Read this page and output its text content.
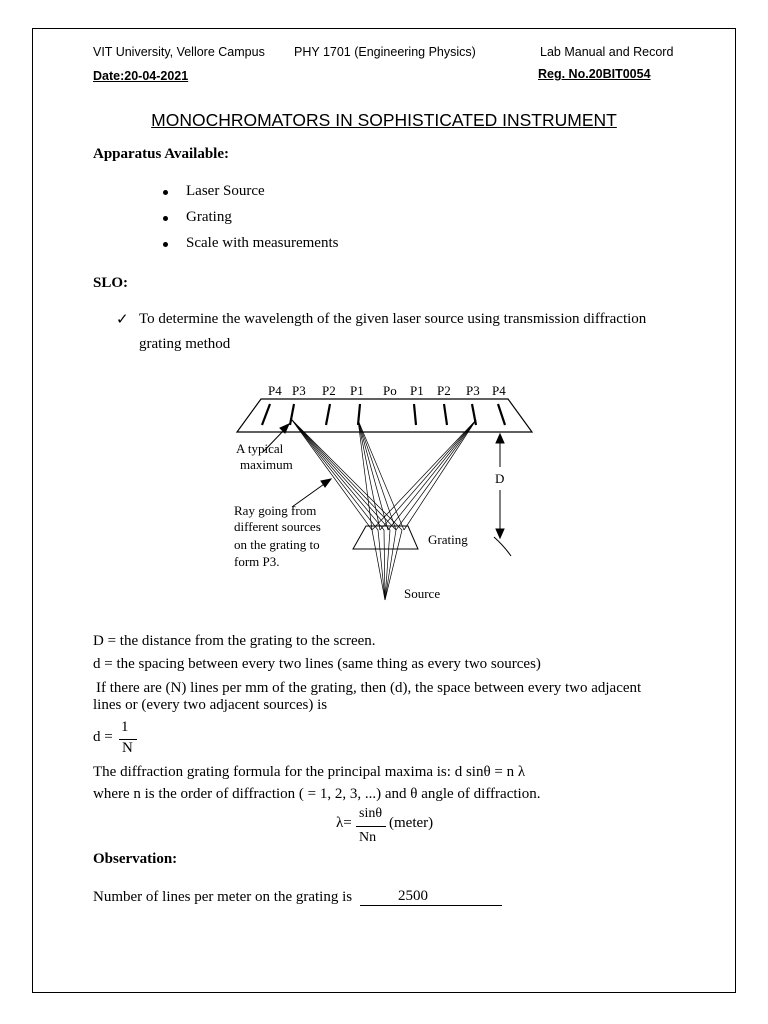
VIT University, Vellore Campus PHY 1701 (Engineering Physics)	Lab Manual and Record
Date:20-04-2021	Reg. No.20BIT0054
MONOCHROMATORS IN SOPHISTICATED INSTRUMENT
Apparatus Available:
Laser Source
Grating
Scale with measurements
SLO:
✓ To determine the wavelength of the given laser source using transmission diffraction
grating method
P4 P3 P2 P1 Po P1 P2 P3 P4
A typical
maximum
Ray going from
different sources
on the grating to
form P3.
Grating
Source
D
D = the distance from the grating to the screen.
d = the spacing between every two lines (same thing as every two sources)
If there are (N) lines per mm of the grating, then (d), the space between every two adjacent
lines or (every two adjacent sources) is
d =
1
N
The diffraction grating formula for the principal maxima is: d sinθ = n λ
where n is the order of diffraction ( = 1, 2, 3, ...) and θ angle of diffraction.
λ=
sinθ
Nn
(meter)
Observation:
Number of lines per meter on the grating is	2500
